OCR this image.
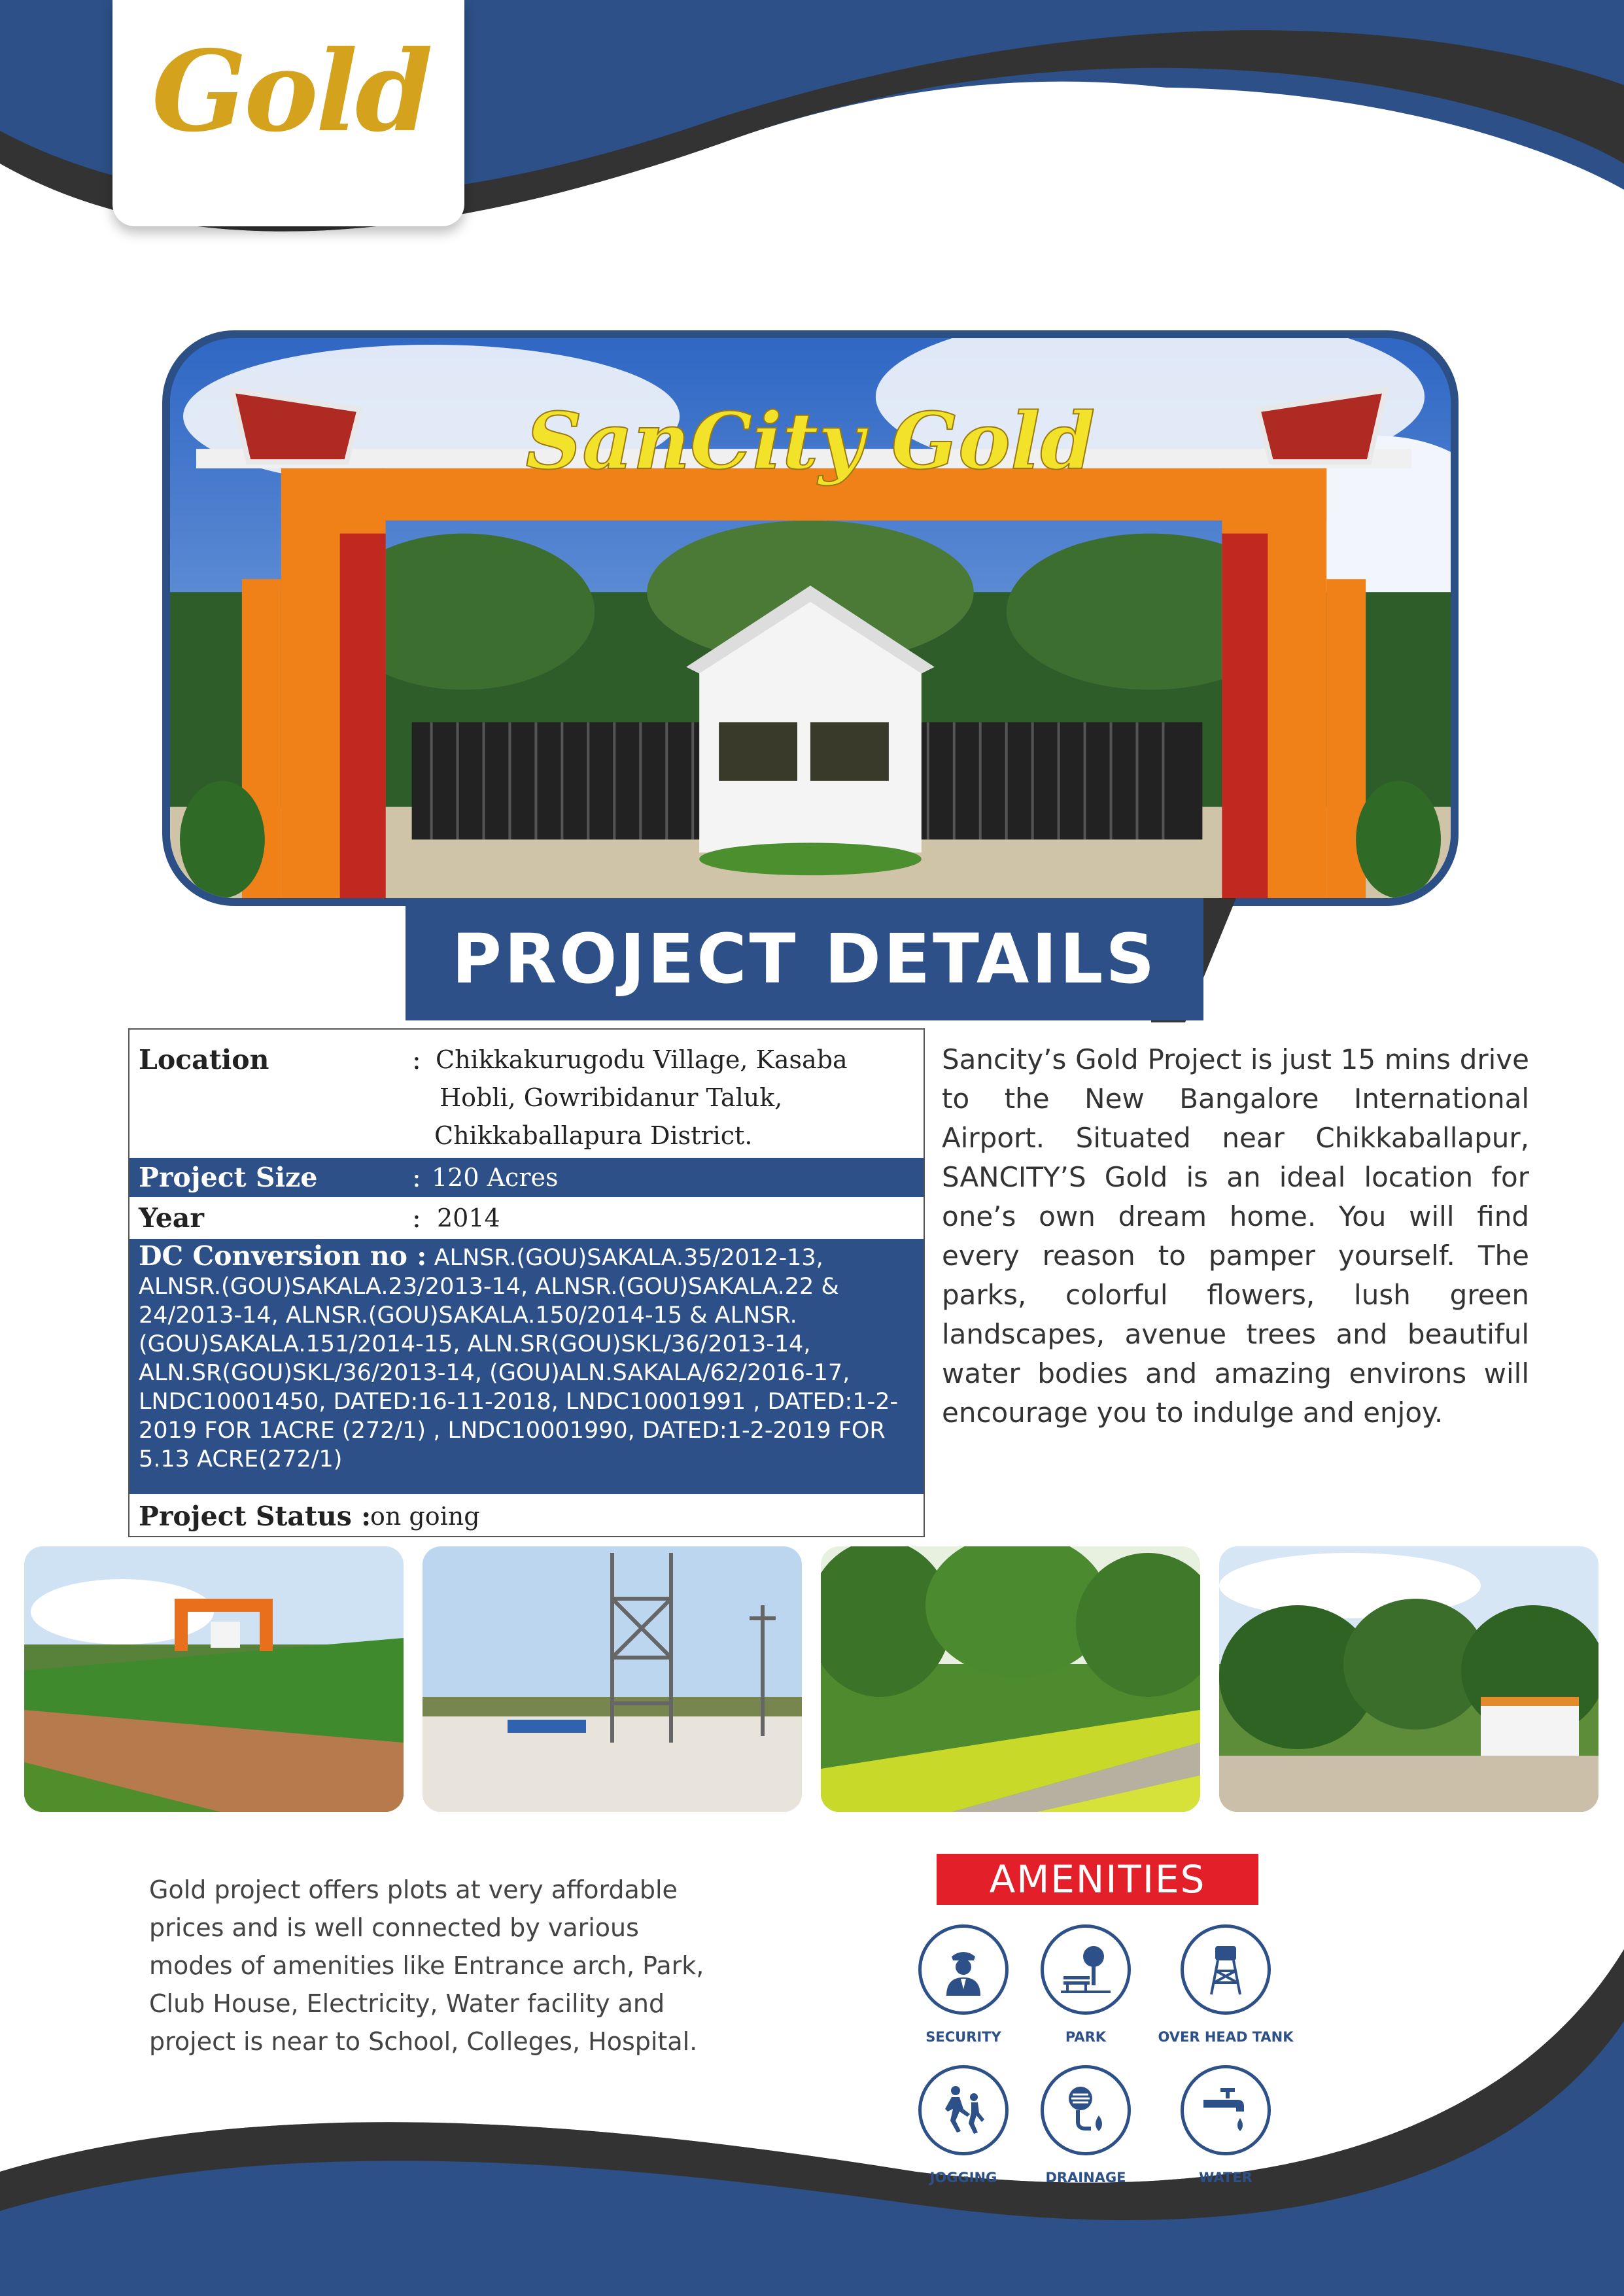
Gold
SanCity Gold
PROJECT DETAILS
Location	: Chikkakurugodu Village, Kasaba
Hobli, Gowribidanur Taluk,
Chikkaballapura District.
Project Size	: 120 Acres
Year	: 2014
DC Conversion no : ALNSR.(GOU)SAKALA.35/2012-13, ALNSR.(GOU)SAKALA.23/2013-14, ALNSR.(GOU)SAKALA.22 & 24/2013-14, ALNSR.(GOU)SAKALA.150/2014-15 & ALNSR.(GOU)SAKALA.151/2014-15, ALN.SR(GOU)SKL/36/2013-14, ALN.SR(GOU)SKL/36/2013-14, (GOU)ALN.SAKALA/62/2016-17, LNDC10001450, DATED:16-11-2018, LNDC10001991 , DATED:1-2-2019 FOR 1ACRE (272/1) , LNDC10001990, DATED:1-2-2019 FOR 5.13 ACRE(272/1)
Project Status :
on going
Sancity’s Gold Project is just 15 mins drive to the New Bangalore International Airport. Situated near Chikkaballapur, SANCITY’S Gold is an ideal location for one’s own dream home. You will find every reason to pamper yourself. The parks, colorful flowers, lush green landscapes, avenue trees and beautiful water bodies and amazing environs will encourage you to indulge and enjoy.
Gold project offers plots at very affordable prices and is well connected by various modes of amenities like Entrance arch, Park, Club House, Electricity, Water facility and project is near to School, Colleges, Hospital.
AMENITIES
SECURITY	PARK	OVER HEAD TANK
JOGGING	DRAINAGE	WATER
